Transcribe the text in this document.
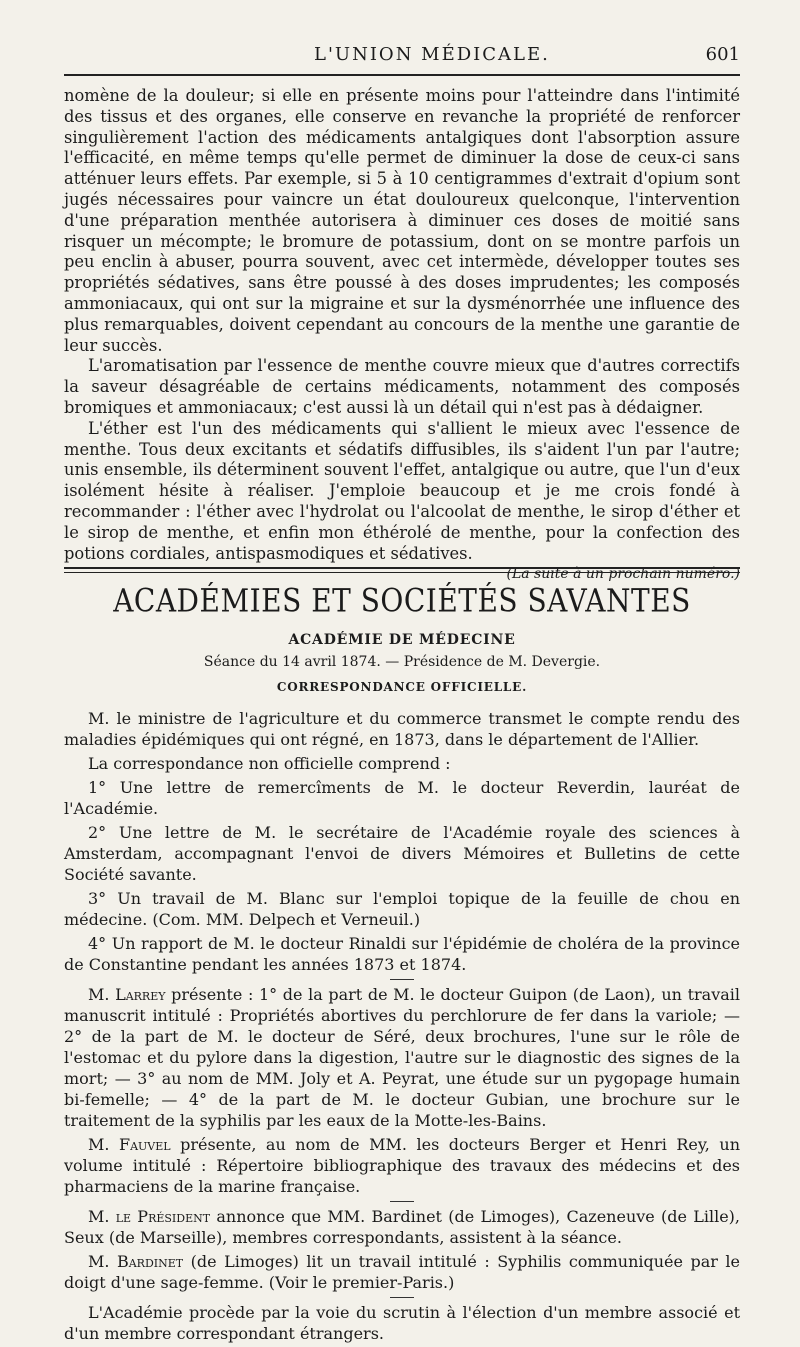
L'UNION MÉDICALE.	601

nomène de la douleur; si elle en présente moins pour l'atteindre dans l'intimité des tissus et des organes, elle conserve en revanche la propriété de renforcer singulièrement l'action des médicaments antalgiques dont l'absorption assure l'efficacité, en même temps qu'elle permet de diminuer la dose de ceux-ci sans atténuer leurs effets. Par exemple, si 5 à 10 centigrammes d'extrait d'opium sont jugés nécessaires pour vaincre un état douloureux quelconque, l'intervention d'une préparation menthée autorisera à diminuer ces doses de moitié sans risquer un mécompte; le bromure de potassium, dont on se montre parfois un peu enclin à abuser, pourra souvent, avec cet intermède, développer toutes ses propriétés sédatives, sans être poussé à des doses imprudentes; les composés ammoniacaux, qui ont sur la migraine et sur la dysménorrhée une influence des plus remarquables, doivent cependant au concours de la menthe une garantie de leur succès.

L'aromatisation par l'essence de menthe couvre mieux que d'autres correctifs la saveur désagréable de certains médicaments, notamment des composés bromiques et ammoniacaux; c'est aussi là un détail qui n'est pas à dédaigner.

L'éther est l'un des médicaments qui s'allient le mieux avec l'essence de menthe. Tous deux excitants et sédatifs diffusibles, ils s'aident l'un par l'autre; unis ensemble, ils déterminent souvent l'effet, antalgique ou autre, que l'un d'eux isolément hésite à réaliser. J'emploie beaucoup et je me crois fondé à recommander : l'éther avec l'hydrolat ou l'alcoolat de menthe, le sirop d'éther et le sirop de menthe, et enfin mon éthérolé de menthe, pour la confection des potions cordiales, antispasmodiques et sédatives.

(La suite à un prochain numéro.)

ACADÉMIES ET SOCIÉTÉS SAVANTES
ACADÉMIE DE MÉDECINE
Séance du 14 avril 1874. — Présidence de M. Devergie.
CORRESPONDANCE OFFICIELLE.

M. le ministre de l'agriculture et du commerce transmet le compte rendu des maladies épidémiques qui ont régné, en 1873, dans le département de l'Allier.

La correspondance non officielle comprend :

1° Une lettre de remercîments de M. le docteur Reverdin, lauréat de l'Académie.

2° Une lettre de M. le secrétaire de l'Académie royale des sciences à Amsterdam, accompagnant l'envoi de divers Mémoires et Bulletins de cette Société savante.

3° Un travail de M. Blanc sur l'emploi topique de la feuille de chou en médecine. (Com. MM. Delpech et Verneuil.)

4° Un rapport de M. le docteur Rinaldi sur l'épidémie de choléra de la province de Constantine pendant les années 1873 et 1874.

M. Larrey présente : 1° de la part de M. le docteur Guipon (de Laon), un travail manuscrit intitulé : Propriétés abortives du perchlorure de fer dans la variole; — 2° de la part de M. le docteur de Séré, deux brochures, l'une sur le rôle de l'estomac et du pylore dans la digestion, l'autre sur le diagnostic des signes de la mort; — 3° au nom de MM. Joly et A. Peyrat, une étude sur un pygopage humain bi-femelle; — 4° de la part de M. le docteur Gubian, une brochure sur le traitement de la syphilis par les eaux de la Motte-les-Bains.

M. Fauvel présente, au nom de MM. les docteurs Berger et Henri Rey, un volume intitulé : Répertoire bibliographique des travaux des médecins et des pharmaciens de la marine française.

M. le Président annonce que MM. Bardinet (de Limoges), Cazeneuve (de Lille), Seux (de Marseille), membres correspondants, assistent à la séance.

M. Bardinet (de Limoges) lit un travail intitulé : Syphilis communiquée par le doigt d'une sage-femme. (Voir le premier-Paris.)

L'Académie procède par la voie du scrutin à l'élection d'un membre associé et d'un membre correspondant étrangers.
